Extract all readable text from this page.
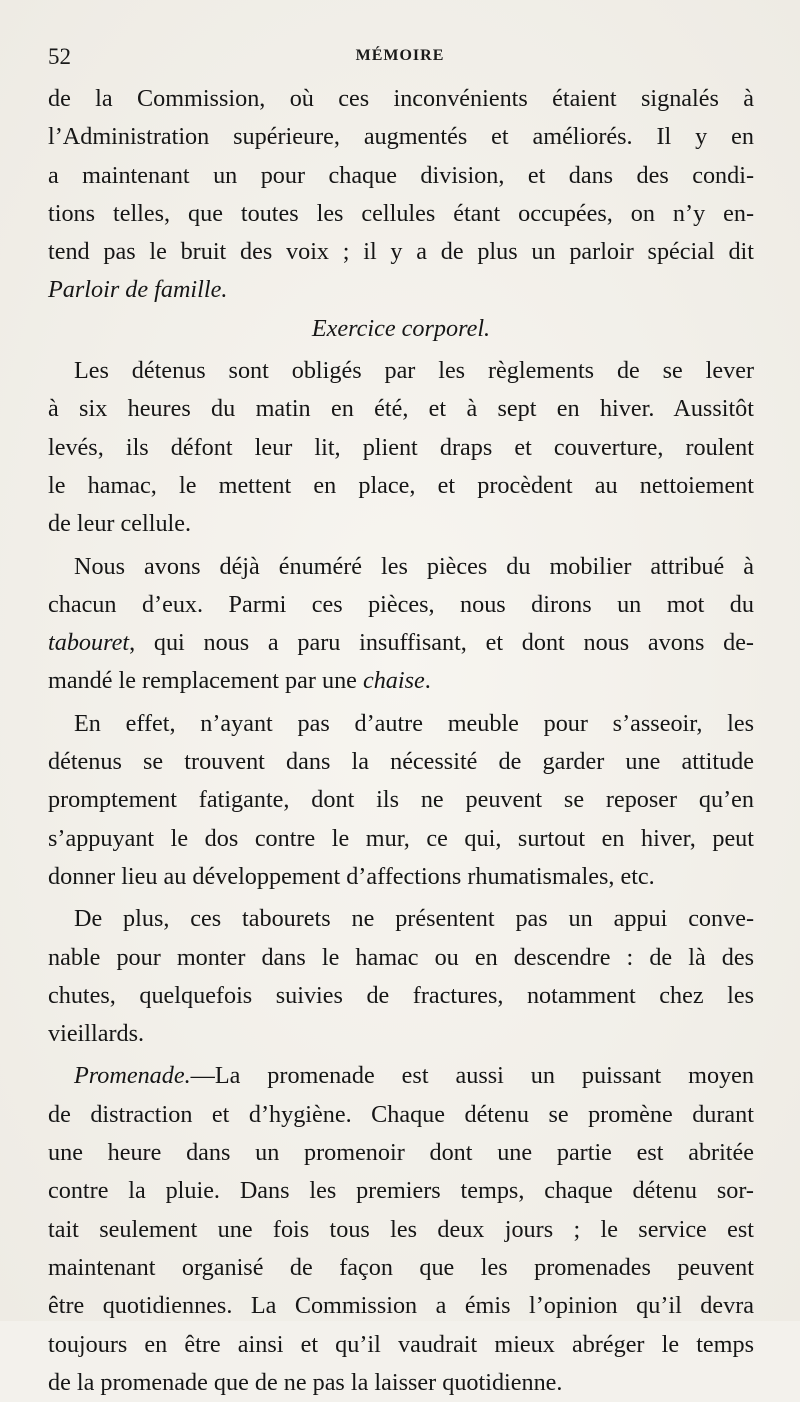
52	MÉMOIRE
de la Commission, où ces inconvénients étaient signalés à
l’Administration supérieure, augmentés et améliorés. Il y en
a maintenant un pour chaque division, et dans des condi-
tions telles, que toutes les cellules étant occupées, on n’y en-
tend pas le bruit des voix ; il y a de plus un parloir spécial dit
Parloir de famille.
Exercice corporel.
Les détenus sont obligés par les règlements de se lever
à six heures du matin en été, et à sept en hiver. Aussitôt
levés, ils défont leur lit, plient draps et couverture, roulent
le hamac, le mettent en place, et procèdent au nettoiement
de leur cellule.
Nous avons déjà énuméré les pièces du mobilier attribué à
chacun d’eux. Parmi ces pièces, nous dirons un mot du
tabouret, qui nous a paru insuffisant, et dont nous avons de-
mandé le remplacement par une chaise.
En effet, n’ayant pas d’autre meuble pour s’asseoir, les
détenus se trouvent dans la nécessité de garder une attitude
promptement fatigante, dont ils ne peuvent se reposer qu’en
s’appuyant le dos contre le mur, ce qui, surtout en hiver, peut
donner lieu au développement d’affections rhumatismales, etc.
De plus, ces tabourets ne présentent pas un appui conve-
nable pour monter dans le hamac ou en descendre : de là des
chutes, quelquefois suivies de fractures, notamment chez les
vieillards.
Promenade.—La promenade est aussi un puissant moyen
de distraction et d’hygiène. Chaque détenu se promène durant
une heure dans un promenoir dont une partie est abritée
contre la pluie. Dans les premiers temps, chaque détenu sor-
tait seulement une fois tous les deux jours ; le service est
maintenant organisé de façon que les promenades peuvent
être quotidiennes. La Commission a émis l’opinion qu’il devra
toujours en être ainsi et qu’il vaudrait mieux abréger le temps
de la promenade que de ne pas la laisser quotidienne.
